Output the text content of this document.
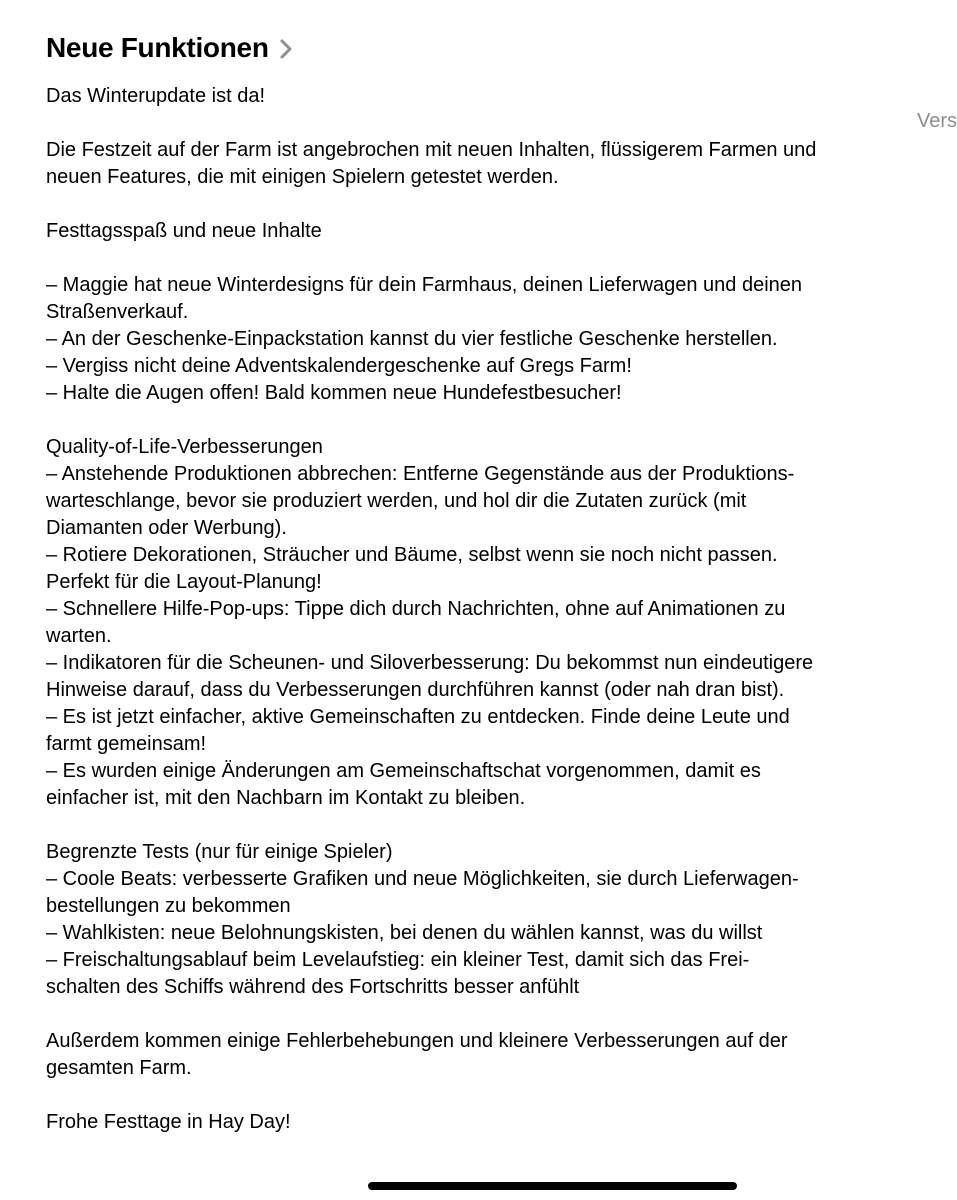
Neue Funktionen
Vers
Das Winterupdate ist da!
Die Festzeit auf der Farm ist angebrochen mit neuen Inhalten, flüssigerem Farmen und
neuen Features, die mit einigen Spielern getestet werden.
Festtagsspaß und neue Inhalte
– Maggie hat neue Winterdesigns für dein Farmhaus, deinen Lieferwagen und deinen
Straßenverkauf.
– An der Geschenke-Einpackstation kannst du vier festliche Geschenke herstellen.
– Vergiss nicht deine Adventskalendergeschenke auf Gregs Farm!
– Halte die Augen offen! Bald kommen neue Hundefestbesucher!
Quality-of-Life-Verbesserungen
– Anstehende Produktionen abbrechen: Entferne Gegenstände aus der Produktions-
warteschlange, bevor sie produziert werden, und hol dir die Zutaten zurück (mit
Diamanten oder Werbung).
– Rotiere Dekorationen, Sträucher und Bäume, selbst wenn sie noch nicht passen.
Perfekt für die Layout-Planung!
– Schnellere Hilfe-Pop-ups: Tippe dich durch Nachrichten, ohne auf Animationen zu
warten.
– Indikatoren für die Scheunen- und Siloverbesserung: Du bekommst nun eindeutigere
Hinweise darauf, dass du Verbesserungen durchführen kannst (oder nah dran bist).
– Es ist jetzt einfacher, aktive Gemeinschaften zu entdecken. Finde deine Leute und
farmt gemeinsam!
– Es wurden einige Änderungen am Gemeinschaftschat vorgenommen, damit es
einfacher ist, mit den Nachbarn im Kontakt zu bleiben.
Begrenzte Tests (nur für einige Spieler)
– Coole Beats: verbesserte Grafiken und neue Möglichkeiten, sie durch Lieferwagen-
bestellungen zu bekommen
– Wahlkisten: neue Belohnungskisten, bei denen du wählen kannst, was du willst
– Freischaltungsablauf beim Levelaufstieg: ein kleiner Test, damit sich das Frei-
schalten des Schiffs während des Fortschritts besser anfühlt
Außerdem kommen einige Fehlerbehebungen und kleinere Verbesserungen auf der
gesamten Farm.
Frohe Festtage in Hay Day!
